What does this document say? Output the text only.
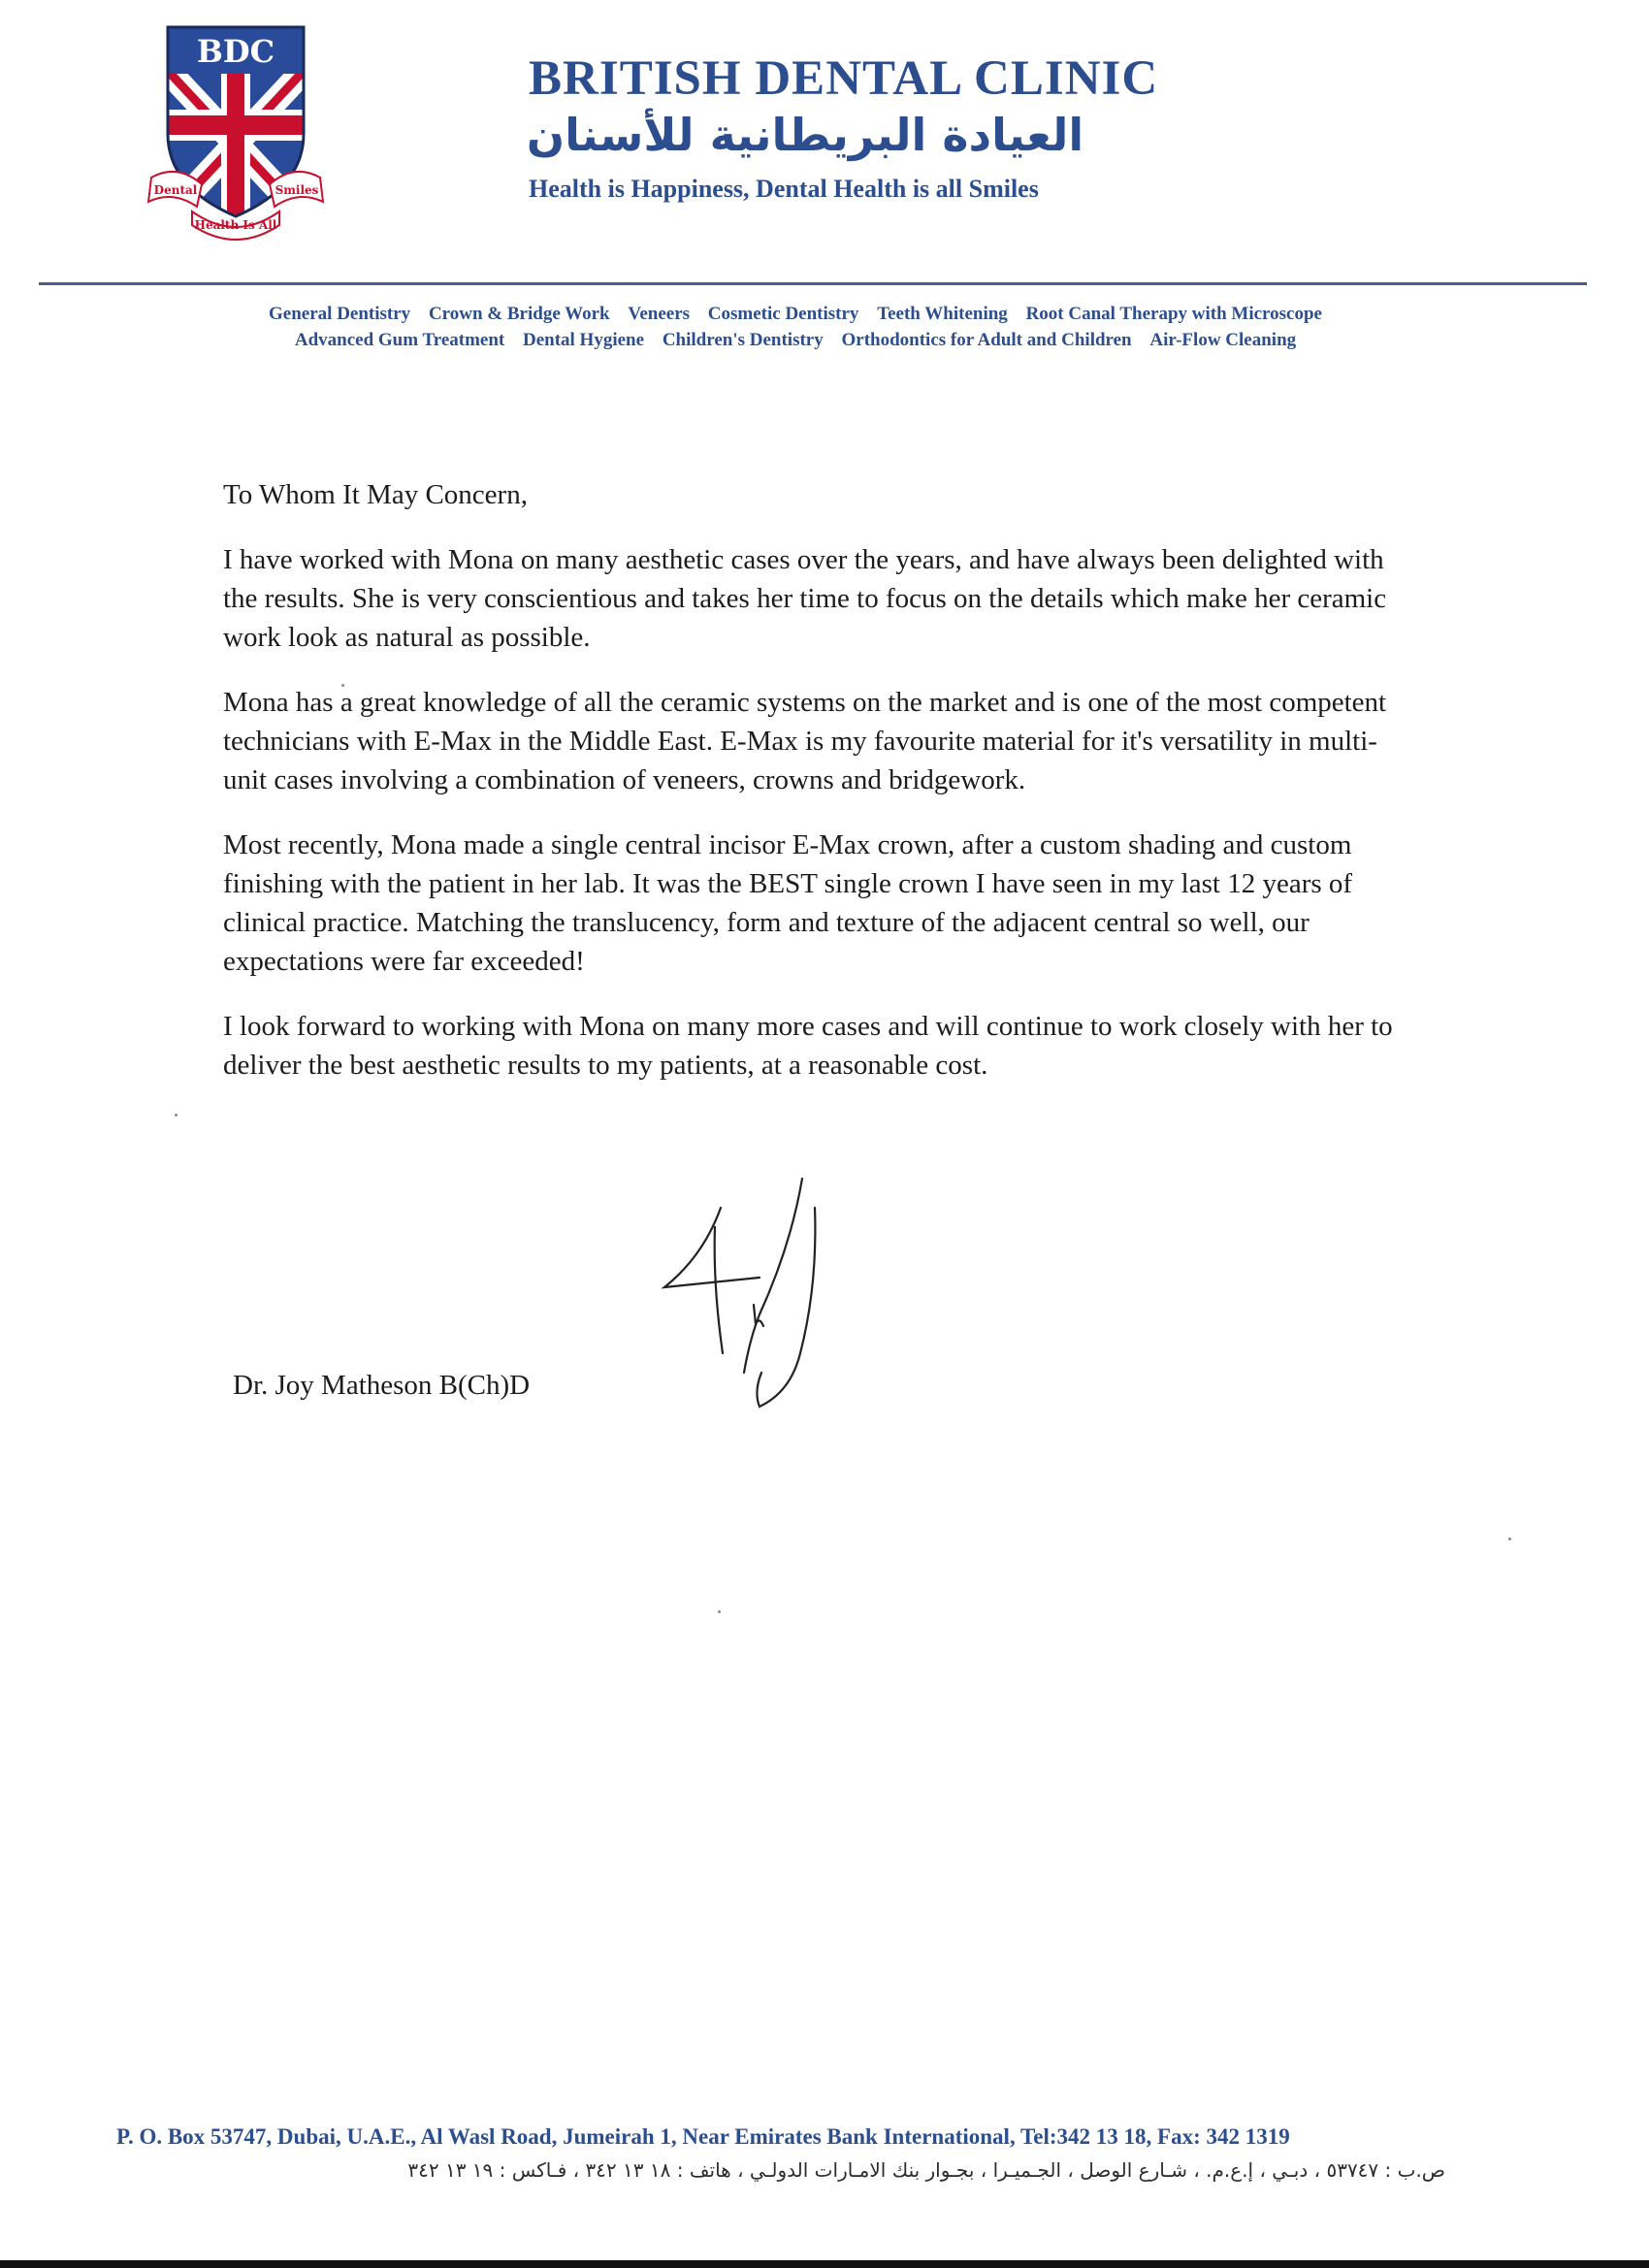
BDC
Dental	Smiles
Health Is All
BRITISH DENTAL CLINIC
العيادة البريطانية للأسنان
Health is Happiness, Dental Health is all Smiles
General Dentistry Crown & Bridge Work Veneers Cosmetic Dentistry Teeth Whitening Root Canal Therapy with Microscope
Advanced Gum Treatment Dental Hygiene Children's Dentistry Orthodontics for Adult and Children Air-Flow Cleaning

To Whom It May Concern,

I have worked with Mona on many aesthetic cases over the years, and have always been delighted with the results. She is very conscientious and takes her time to focus on the details which make her ceramic work look as natural as possible.

Mona has a great knowledge of all the ceramic systems on the market and is one of the most competent technicians with E-Max in the Middle East. E-Max is my favourite material for it's versatility in multi-unit cases involving a combination of veneers, crowns and bridgework.

Most recently, Mona made a single central incisor E-Max crown, after a custom shading and custom finishing with the patient in her lab. It was the BEST single crown I have seen in my last 12 years of clinical practice. Matching the translucency, form and texture of the adjacent central so well, our expectations were far exceeded!

I look forward to working with Mona on many more cases and will continue to work closely with her to deliver the best aesthetic results to my patients, at a reasonable cost.

Dr. Joy Matheson B(Ch)D
P. O. Box 53747, Dubai, U.A.E., Al Wasl Road, Jumeirah 1, Near Emirates Bank International, Tel:342 13 18, Fax: 342 1319
ص.ب : ٥٣٧٤٧ ، دبـي ، إ.ع.م. ، شـارع الوصل ، الجـميـرا ، بجـوار بنك الامـارات الدولـي ، هاتف : ١٨ ١٣ ٣٤٢ ، فـاكس : ١٩ ١٣ ٣٤٢
